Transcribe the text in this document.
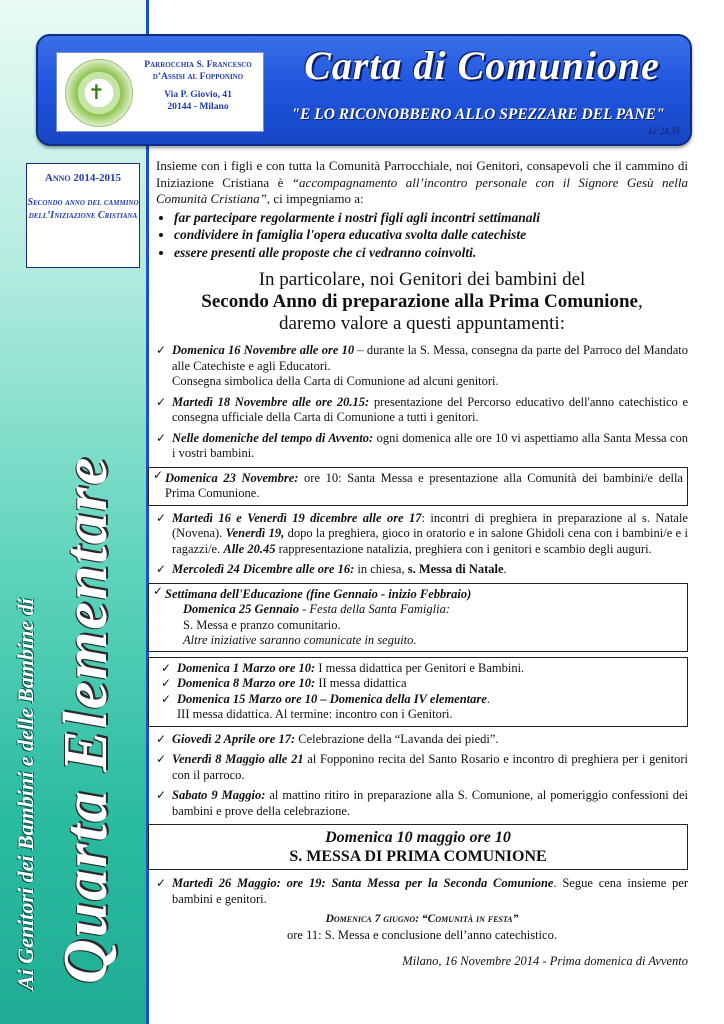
Anno 2014-2015
Secondo anno del cammino dell’Iniziazione Cristiana
Ai Genitori dei Bambini e delle Bambine di Quarta Elementare
✝
Parrocchia S. Francesco d’Assisi al Fopponino
Via P. Giovio, 41
20144 - Milano
Carta di Comunione
"E LO RICONOBBERO ALLO SPEZZARE DEL PANE"
Lc 24,35

Insieme con i figli e con tutta la Comunità Parrocchiale, noi Genitori, consapevoli che il cammino di Iniziazione Cristiana è “accompagnamento all’incontro personale con il Signore Gesù nella Comunità Cristiana”, ci impegniamo a:

• far partecipare regolarmente i nostri figli agli incontri settimanali
• condividere in famiglia l'opera educativa svolta dalle catechiste
• essere presenti alle proposte che ci vedranno coinvolti.
In particolare, noi Genitori dei bambini del
Secondo Anno di preparazione alla Prima Comunione,
daremo valore a questi appuntamenti:
✓ Domenica 16 Novembre alle ore 10 – durante la S. Messa, consegna da parte del Parroco del Mandato alle Catechiste e agli Educatori.
Consegna simbolica della Carta di Comunione ad alcuni genitori.
✓ Martedì 18 Novembre alle ore 20.15: presentazione del Percorso educativo dell'anno catechistico e consegna ufficiale della Carta di Comunione a tutti i genitori.
✓ Nelle domeniche del tempo di Avvento: ogni domenica alle ore 10 vi aspettiamo alla Santa Messa con i vostri bambini.
✓ Domenica 23 Novembre: ore 10: Santa Messa e presentazione alla Comunità dei bambini/e della Prima Comunione.
✓ Martedì 16 e Venerdì 19 dicembre alle ore 17: incontri di preghiera in preparazione al s. Natale (Novena). Venerdì 19, dopo la preghiera, gioco in oratorio e in salone Ghidoli cena con i bambini/e e i ragazzi/e. Alle 20.45 rappresentazione natalizia, preghiera con i genitori e scambio degli auguri.
✓ Mercoledì 24 Dicembre alle ore 16: in chiesa, s. Messa di Natale.
✓ Settimana dell'Educazione (fine Gennaio - inizio Febbraio)
Domenica 25 Gennaio - Festa della Santa Famiglia:
S. Messa e pranzo comunitario.
Altre iniziative saranno comunicate in seguito.
✓ Domenica 1 Marzo ore 10: I messa didattica per Genitori e Bambini.
✓ Domenica 8 Marzo ore 10: II messa didattica
✓ Domenica 15 Marzo ore 10 – Domenica della IV elementare.
III messa didattica. Al termine: incontro con i Genitori.
✓ Giovedì 2 Aprile ore 17: Celebrazione della “Lavanda dei piedi”.
✓ Venerdì 8 Maggio alle 21 al Fopponino recita del Santo Rosario e incontro di preghiera per i genitori con il parroco.
✓ Sabato 9 Maggio: al mattino ritiro in preparazione alla S. Comunione, al pomeriggio confessioni dei bambini e prove della celebrazione.
Domenica 10 maggio ore 10
S. MESSA DI PRIMA COMUNIONE
✓ Martedì 26 Maggio: ore 19: Santa Messa per la Seconda Comunione. Segue cena insieme per bambini e genitori.
Domenica 7 giugno: “Comunità in festa”
ore 11: S. Messa e conclusione dell’anno catechistico.
Milano, 16 Novembre 2014 - Prima domenica di Avvento
